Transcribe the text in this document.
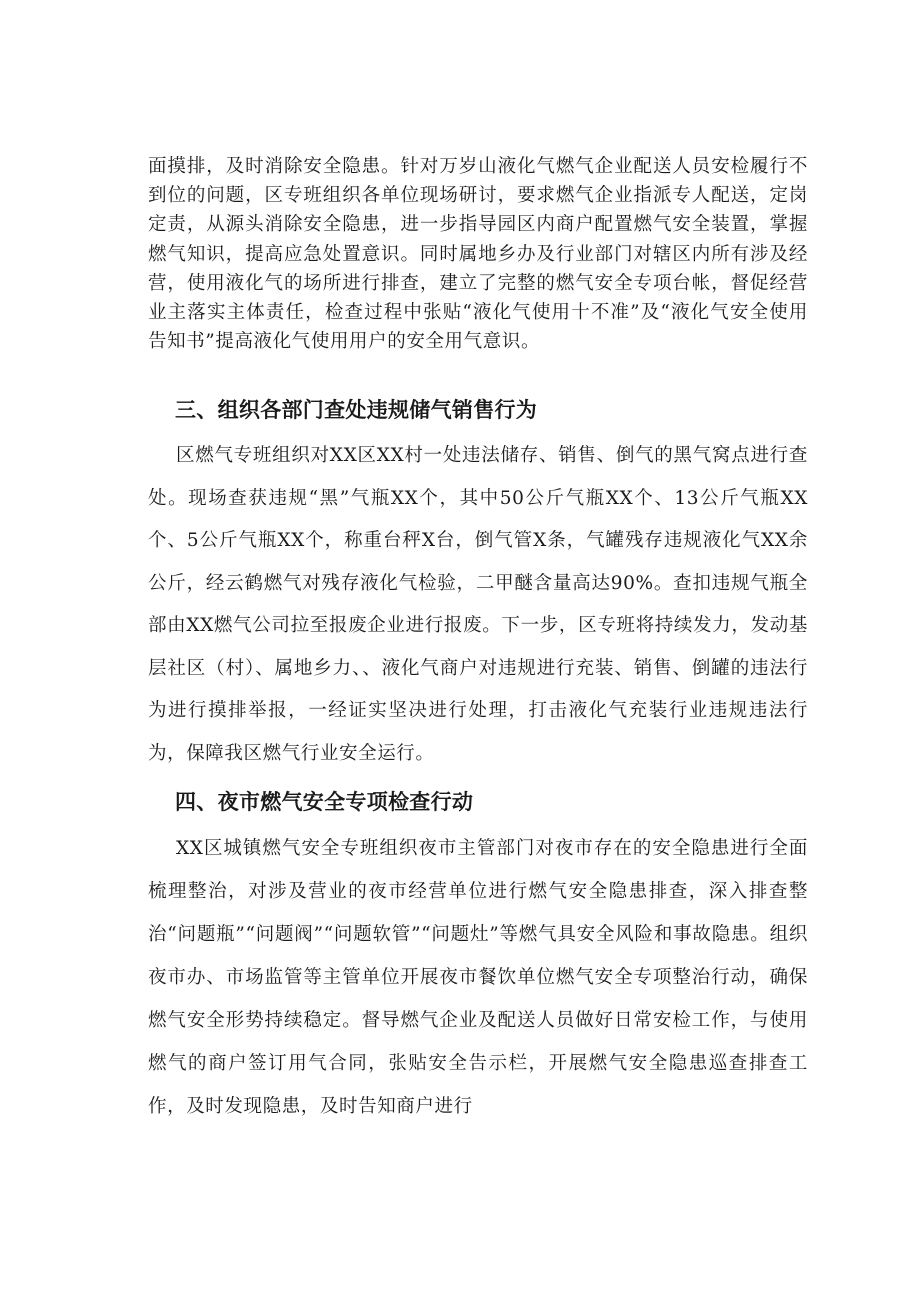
面摸排，及时消除安全隐患。针对万岁山液化气燃气企业配送人员安检履行不到位的问题，区专班组织各单位现场研讨，要求燃气企业指派专人配送，定岗定责，从源头消除安全隐患，进一步指导园区内商户配置燃气安全装置，掌握燃气知识，提高应急处置意识。同时属地乡办及行业部门对辖区内所有涉及经营，使用液化气的场所进行排查，建立了完整的燃气安全专项台帐，督促经营业主落实主体责任，检查过程中张贴“液化气使用十不准”及“液化气安全使用告知书”提高液化气使用用户的安全用气意识。

三、组织各部门查处违规储气销售行为

区燃气专班组织对XX区XX村一处违法储存、销售、倒气的黑气窝点进行查处。现场查获违规“黑”气瓶XX个，其中50公斤气瓶XX个、13公斤气瓶XX个、5公斤气瓶XX个，称重台秤X台，倒气管X条，气罐残存违规液化气XX余公斤，经云鹤燃气对残存液化气检验，二甲醚含量高达90%。查扣违规气瓶全部由XX燃气公司拉至报废企业进行报废。下一步，区专班将持续发力，发动基层社区（村）、属地乡力、、液化气商户对违规进行充装、销售、倒罐的违法行为进行摸排举报，一经证实坚决进行处理，打击液化气充装行业违规违法行为，保障我区燃气行业安全运行。

四、夜市燃气安全专项检查行动

XX区城镇燃气安全专班组织夜市主管部门对夜市存在的安全隐患进行全面梳理整治，对涉及营业的夜市经营单位进行燃气安全隐患排查，深入排查整治“问题瓶”“问题阀”“问题软管”“问题灶”等燃气具安全风险和事故隐患。组织夜市办、市场监管等主管单位开展夜市餐饮单位燃气安全专项整治行动，确保燃气安全形势持续稳定。督导燃气企业及配送人员做好日常安检工作，与使用燃气的商户签订用气合同，张贴安全告示栏，开展燃气安全隐患巡查排查工作，及时发现隐患，及时告知商户进行
